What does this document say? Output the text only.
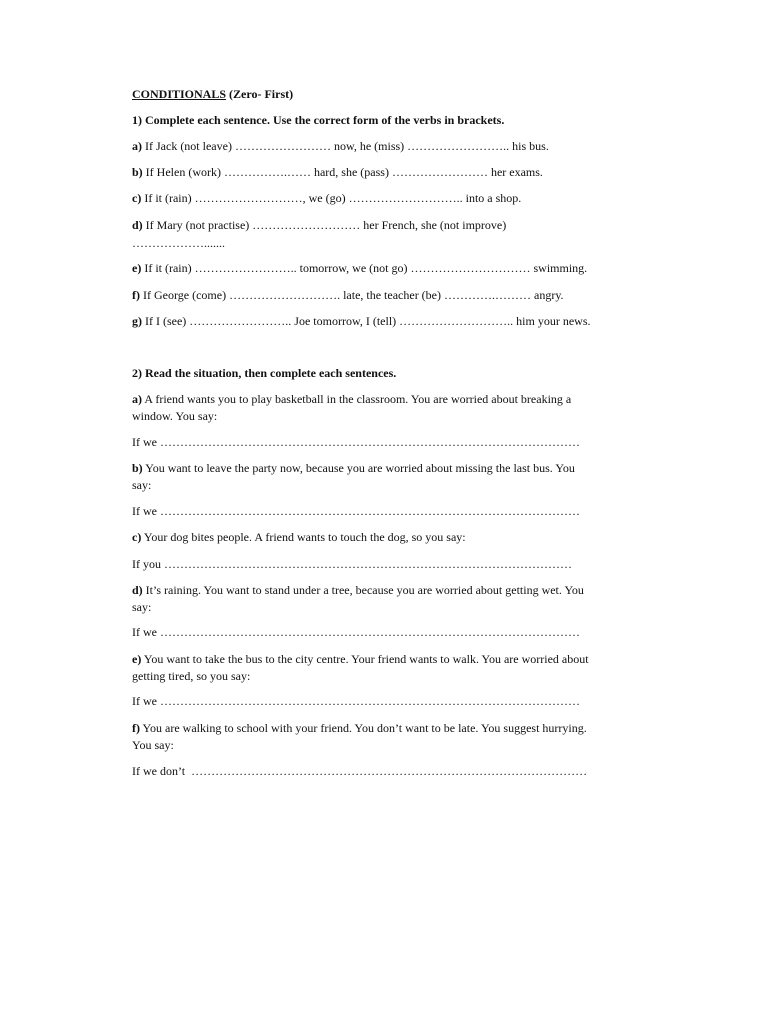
CONDITIONALS (Zero- First)
1) Complete each sentence. Use the correct form of the verbs in brackets.
a) If Jack (not leave) …………………… now, he (miss) …………………….. his bus.
b) If Helen (work) …………….…… hard, she (pass) …………………… her exams.
c) If it (rain) ………………………, we (go) ……………………….. into a shop.
d) If Mary (not practise) ……………………… her French, she (not improve)
……………….......
e) If it (rain) …………………….. tomorrow, we (not go) ………………………… swimming.
f) If George (come) ………………………. late, the teacher (be) ………….……… angry.
g) If I (see) …………………….. Joe tomorrow, I (tell) ……………………….. him your news.
2) Read the situation, then complete each sentences.
a) A friend wants you to play basketball in the classroom. You are worried about breaking a
window. You say:
If we ……………………………………………………………………………………………
b) You want to leave the party now, because you are worried about missing the last bus. You
say:
If we ……………………………………………………………………………………………
c) Your dog bites people. A friend wants to touch the dog, so you say:
If you …………………………………………………………………………………………
d) It’s raining. You want to stand under a tree, because you are worried about getting wet. You
say:
If we ……………………………………………………………………………………………
e) You want to take the bus to the city centre. Your friend wants to walk. You are worried about
getting tired, so you say:
If we ……………………………………………………………………………………………
f) You are walking to school with your friend. You don’t want to be late. You suggest hurrying.
You say:
If we don’t  ………………………………………………………………………………………
